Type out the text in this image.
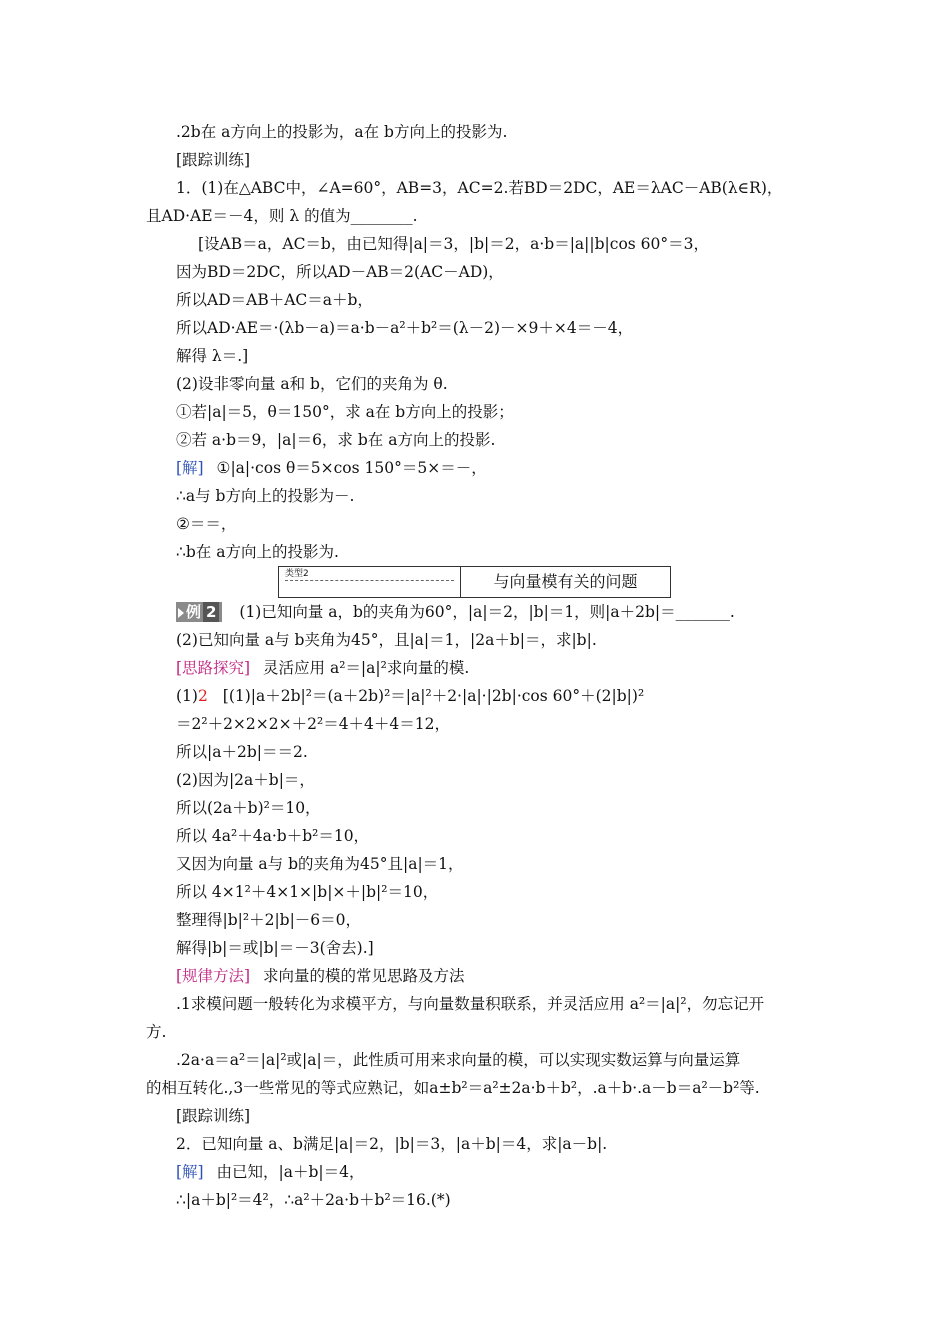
.2b在 a方向上的投影为，a在 b方向上的投影为.
[跟踪训练]
1．(1)在△ABC中，∠A=60°，AB=3，AC=2.若BD＝2DC，AE＝λAC－AB(λ∈R)，
且AD·AE＝－4，则 λ 的值为________.
[设AB＝a，AC＝b，由已知得|a|＝3，|b|＝2，a·b＝|a||b|cos 60°＝3，
因为BD＝2DC，所以AD－AB＝2(AC－AD)，
所以AD＝AB＋AC＝a＋b，
所以AD·AE＝·(λb－a)＝a·b－a²＋b²＝(λ－2)－×9＋×4＝－4，
解得 λ＝.]
(2)设非零向量 a和 b，它们的夹角为 θ.
①若|a|＝5，θ＝150°，求 a在 b方向上的投影；
②若 a·b＝9，|a|＝6，求 b在 a方向上的投影.
[解] ①|a|·cos θ＝5×cos 150°＝5×＝－，
∴a与 b方向上的投影为－.
②＝＝，
∴b在 a方向上的投影为.
类型2	与向量模有关的问题
例 2 (1)已知向量 a，b的夹角为60°，|a|＝2，|b|＝1，则|a＋2b|＝_______.
(2)已知向量 a与 b夹角为45°，且|a|＝1，|2a＋b|＝，求|b|.
[思路探究] 灵活应用 a²＝|a|²求向量的模.
(1)2 [(1)|a＋2b|²＝(a＋2b)²＝|a|²＋2·|a|·|2b|·cos 60°＋(2|b|)²
＝2²＋2×2×2×＋2²＝4＋4＋4＝12，
所以|a＋2b|＝＝2.
(2)因为|2a＋b|＝，
所以(2a＋b)²＝10，
所以 4a²＋4a·b＋b²＝10，
又因为向量 a与 b的夹角为45°且|a|＝1，
所以 4×1²＋4×1×|b|×＋|b|²＝10，
整理得|b|²＋2|b|－6＝0，
解得|b|＝或|b|＝－3(舍去).]
[规律方法] 求向量的模的常见思路及方法
.1求模问题一般转化为求模平方，与向量数量积联系，并灵活应用 a²＝|a|²，勿忘记开
方.
.2a·a＝a²＝|a|²或|a|＝，此性质可用来求向量的模，可以实现实数运算与向量运算
的相互转化.,3一些常见的等式应熟记，如a±b²＝a²±2a·b＋b²，.a＋b·.a－b＝a²－b²等.
[跟踪训练]
2．已知向量 a、b满足|a|＝2，|b|＝3，|a＋b|＝4，求|a－b|.
[解] 由已知，|a＋b|＝4，
∴|a＋b|²＝4²，∴a²＋2a·b＋b²＝16.(*)
